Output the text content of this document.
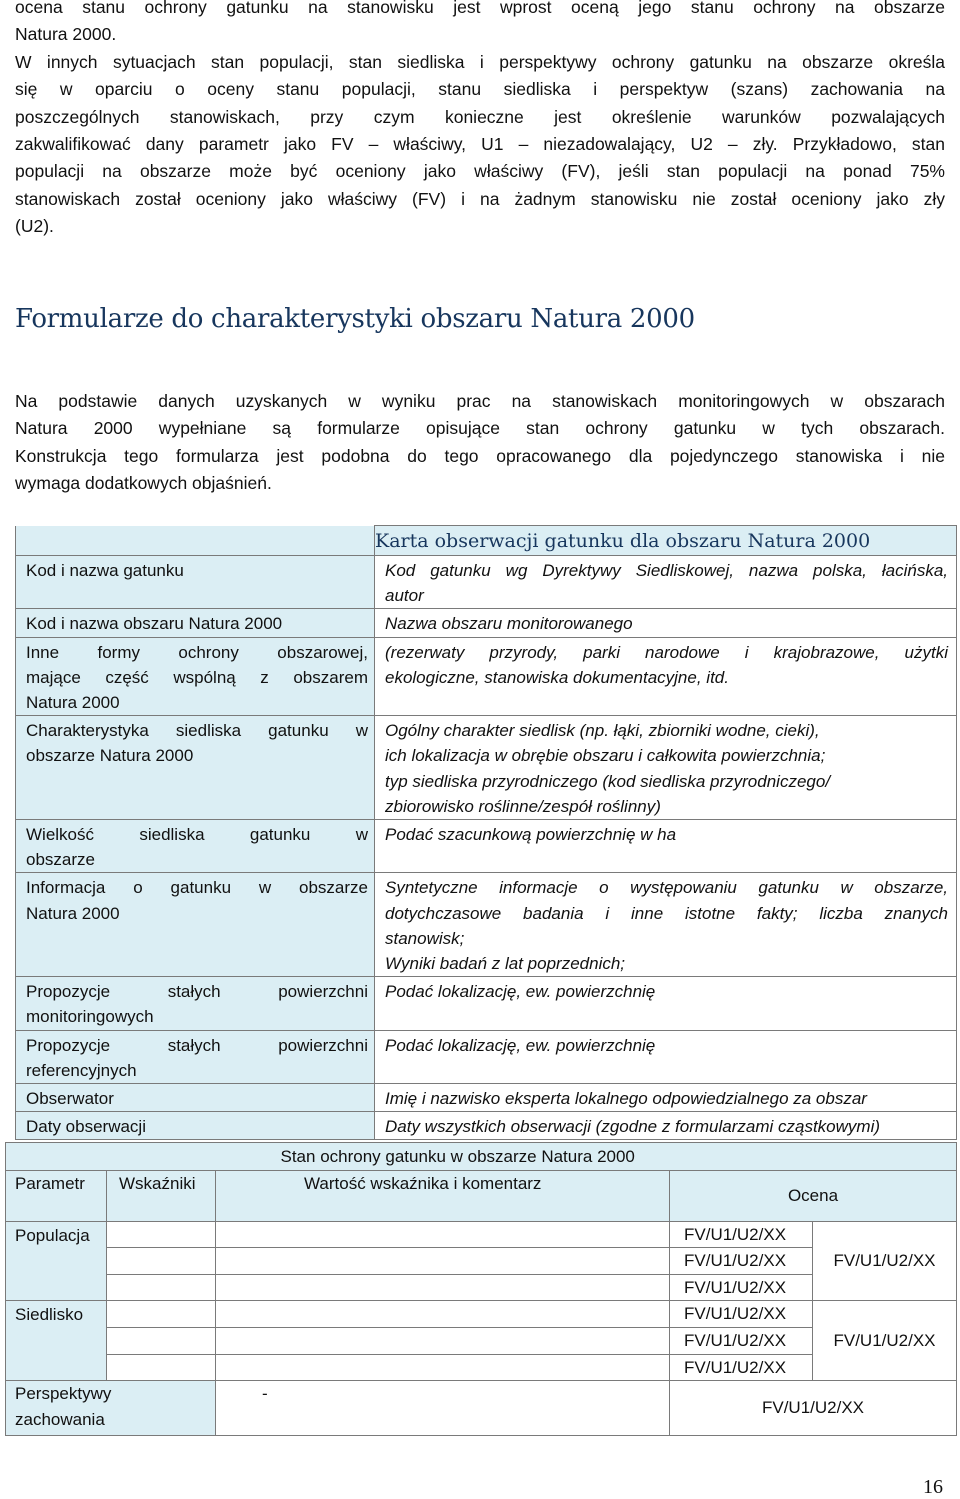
ocena stanu ochrony gatunku na stanowisku jest wprost oceną jego stanu ochrony na obszarze
Natura 2000.
W innych sytuacjach stan populacji, stan siedliska i perspektywy ochrony gatunku na obszarze określa
się w oparciu o oceny stanu populacji, stanu siedliska i perspektyw (szans) zachowania na
poszczególnych stanowiskach, przy czym konieczne jest określenie warunków pozwalających
zakwalifikować dany parametr jako FV – właściwy, U1 – niezadowalający, U2 – zły. Przykładowo, stan
populacji na obszarze może być oceniony jako właściwy (FV), jeśli stan populacji na ponad 75%
stanowiskach został oceniony jako właściwy (FV) i na żadnym stanowisku nie został oceniony jako zły
(U2).
Formularze do charakterystyki obszaru Natura 2000
Na podstawie danych uzyskanych w wyniku prac na stanowiskach monitoringowych w obszarach
Natura 2000 wypełniane są formularze opisujące stan ochrony gatunku w tych obszarach.
Konstrukcja tego formularza jest podobna do tego opracowanego dla pojedynczego stanowiska i nie
wymaga dodatkowych objaśnień.
	Karta obserwacji gatunku dla obszaru Natura 2000

Kod i nazwa gatunku	Kod gatunku wg Dyrektywy Siedliskowej, nazwa polska, łacińska,
autor

Kod i nazwa obszaru Natura 2000	Nazwa obszaru monitorowanego

Inne formy ochrony obszarowej,
mające część wspólną z obszarem
Natura 2000	(rezerwaty przyrody, parki narodowe i krajobrazowe, użytki
ekologiczne, stanowiska dokumentacyjne, itd.

Charakterystyka siedliska gatunku w
obszarze Natura 2000	Ogólny charakter siedlisk (np. łąki, zbiorniki wodne, cieki),
ich lokalizacja w obrębie obszaru i całkowita powierzchnia;
typ siedliska przyrodniczego (kod siedliska przyrodniczego/
zbiorowisko roślinne/zespół roślinny)

Wielkość siedliska gatunku w
obszarze	Podać szacunkową powierzchnię w ha

Informacja o gatunku w obszarze
Natura 2000	Syntetyczne informacje o występowaniu gatunku w obszarze,
dotychczasowe badania i inne istotne fakty; liczba znanych
stanowisk;
Wyniki badań z lat poprzednich;

Propozycje stałych powierzchni
monitoringowych	Podać lokalizację, ew. powierzchnię

Propozycje stałych powierzchni
referencyjnych	Podać lokalizację, ew. powierzchnię

Obserwator	Imię i nazwisko eksperta lokalnego odpowiedzialnego za obszar

Daty obserwacji	Daty wszystkich obserwacji (zgodne z formularzami cząstkowymi)
		Stan ochrony gatunku w obszarze Natura 2000		
Parametr	Wskaźniki	Wartość wskaźnika i komentarz	Ocena	
Populacja			FV/U1/U2/XX	FV/U1/U2/XX
			FV/U1/U2/XX	
			FV/U1/U2/XX	
Siedlisko			FV/U1/U2/XX	FV/U1/U2/XX
			FV/U1/U2/XX	
			FV/U1/U2/XX	

Perspektywy
zachowania		-	FV/U1/U2/XX	
16
